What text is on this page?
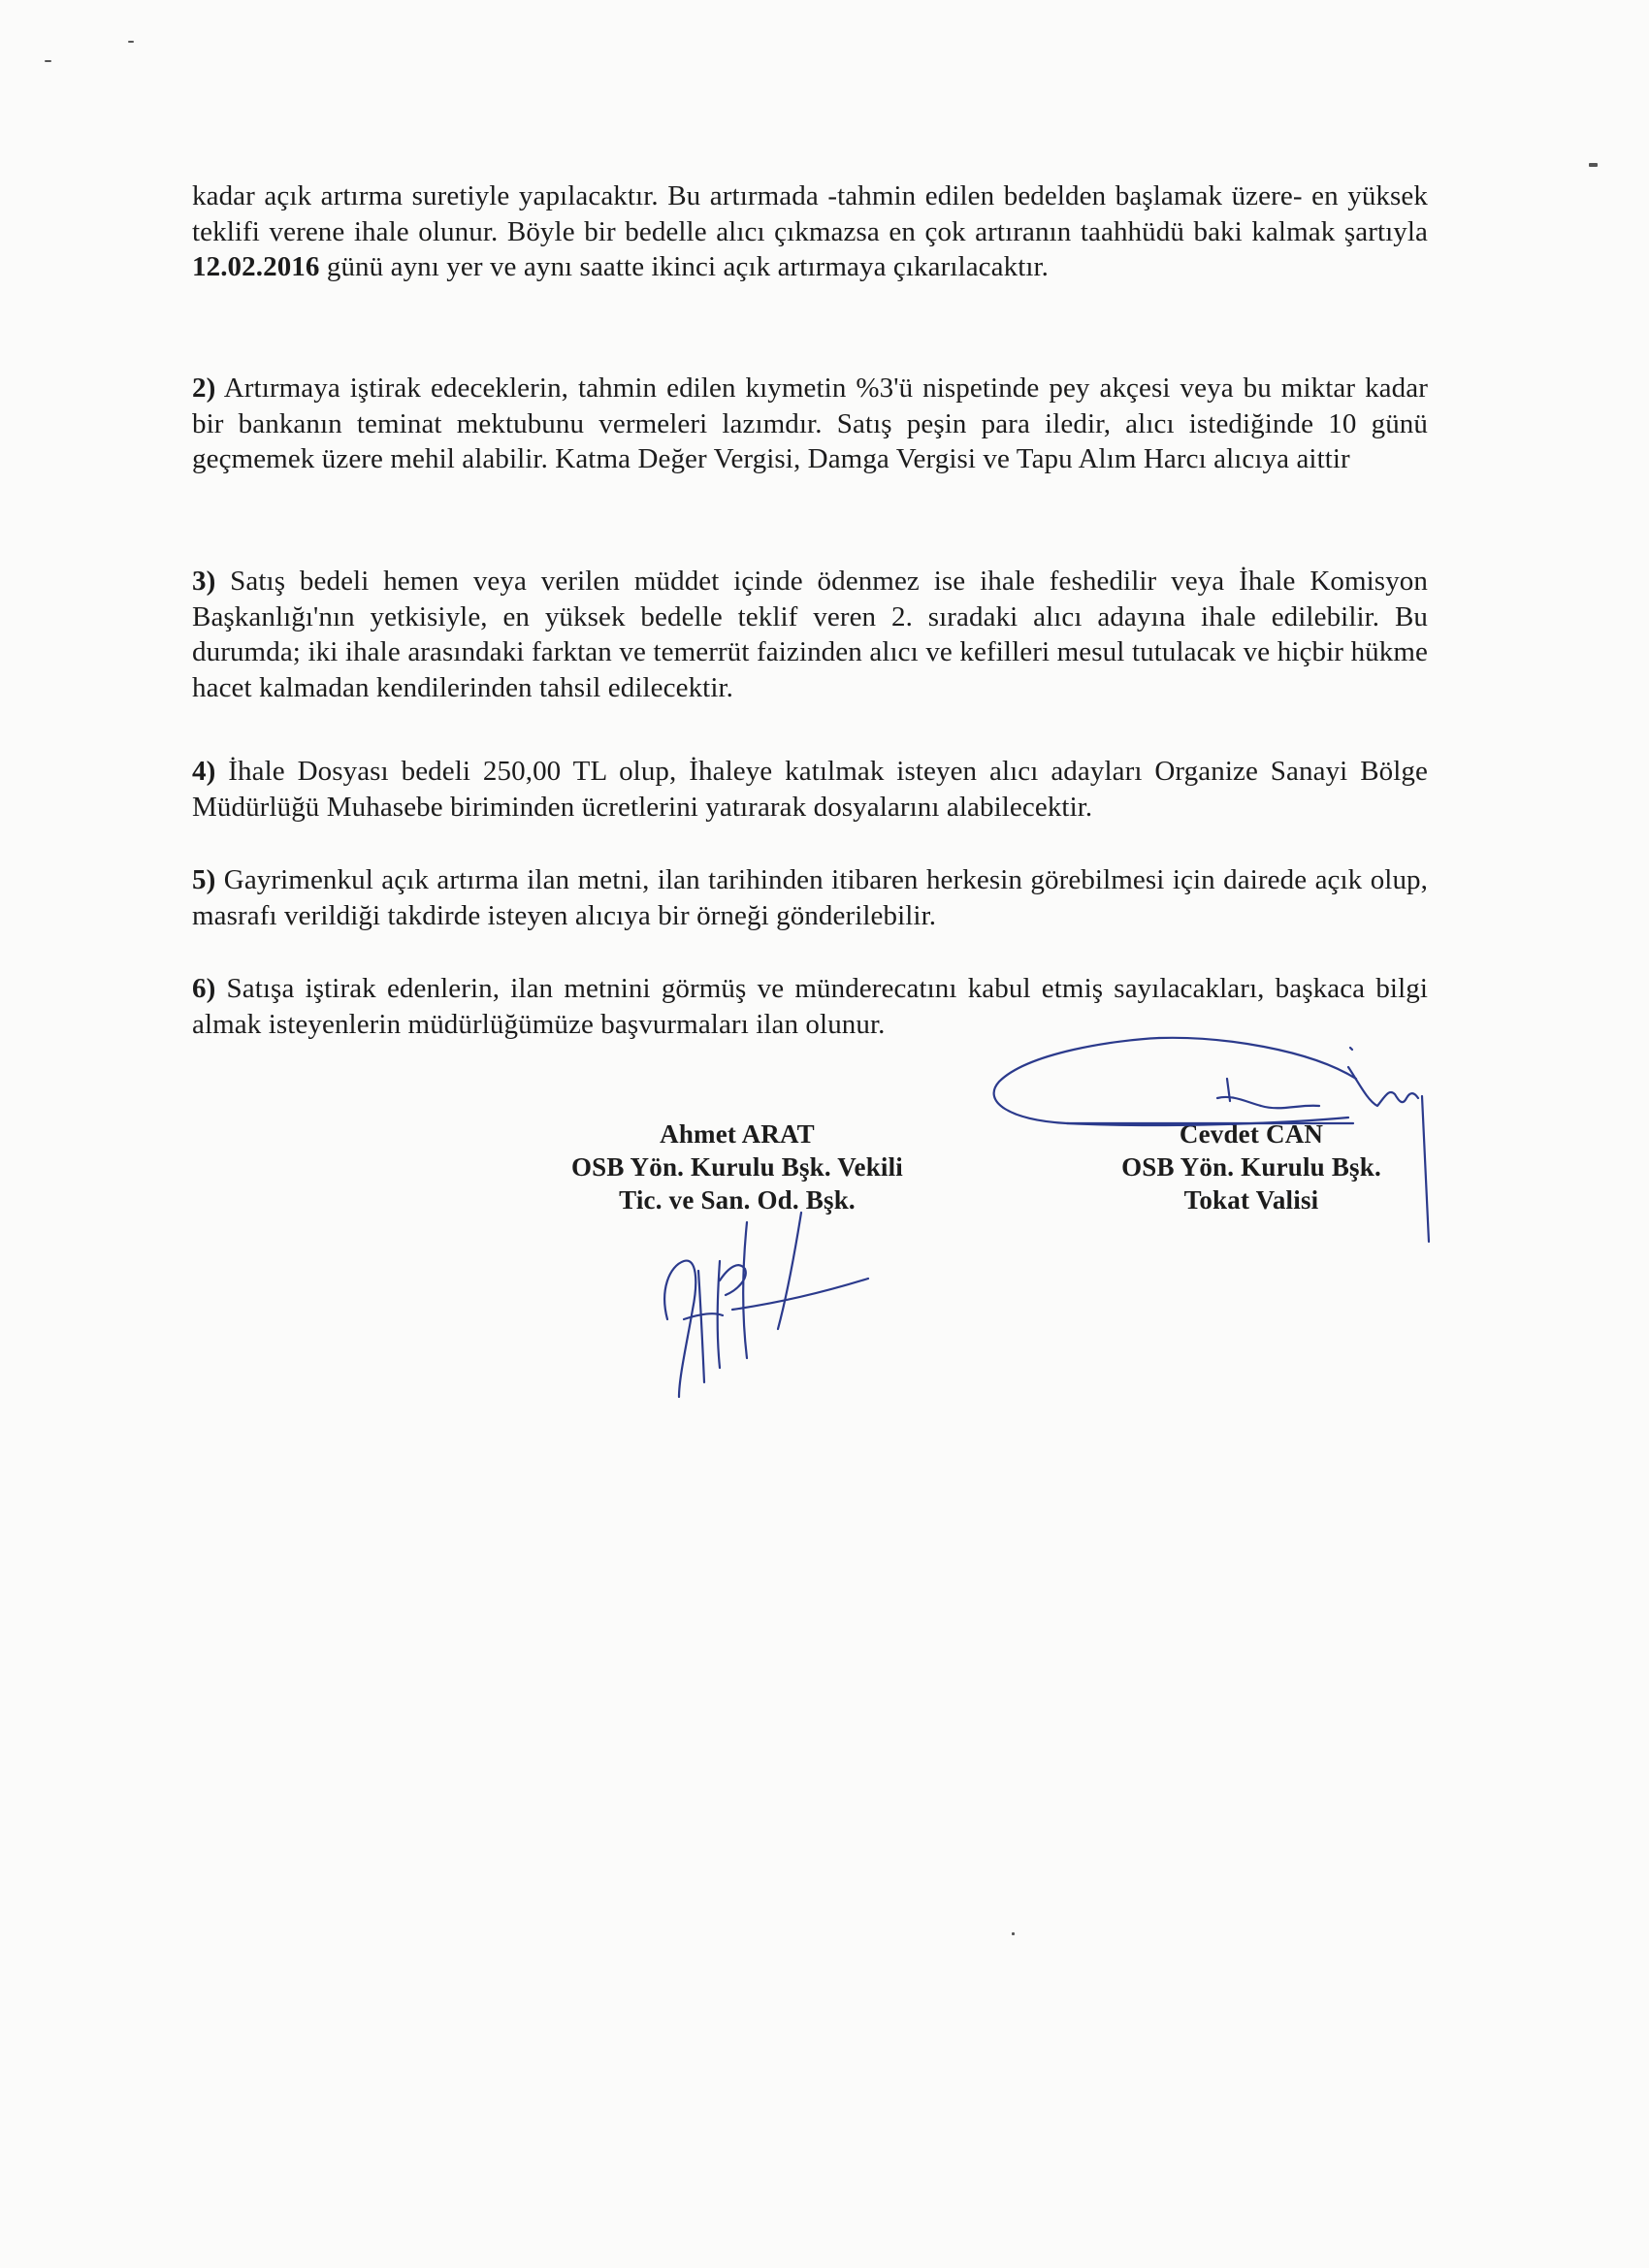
kadar açık artırma suretiyle yapılacaktır. Bu artırmada -tahmin edilen bedelden başlamak üzere- en yüksek teklifi verene ihale olunur. Böyle bir bedelle alıcı çıkmazsa en çok artıranın taahhüdü baki kalmak şartıyla 12.02.2016 günü aynı yer ve aynı saatte ikinci açık artırmaya çıkarılacaktır.
2) Artırmaya iştirak edeceklerin, tahmin edilen kıymetin %3'ü nispetinde pey akçesi veya bu miktar kadar bir bankanın teminat mektubunu vermeleri lazımdır. Satış peşin para iledir, alıcı istediğinde 10 günü geçmemek üzere mehil alabilir. Katma Değer Vergisi, Damga Vergisi ve Tapu Alım Harcı alıcıya aittir
3) Satış bedeli hemen veya verilen müddet içinde ödenmez ise ihale feshedilir veya İhale Komisyon Başkanlığı'nın yetkisiyle, en yüksek bedelle teklif veren 2. sıradaki alıcı adayına ihale edilebilir. Bu durumda; iki ihale arasındaki farktan ve temerrüt faizinden alıcı ve kefilleri mesul tutulacak ve hiçbir hükme hacet kalmadan kendilerinden tahsil edilecektir.
4) İhale Dosyası bedeli 250,00 TL olup, İhaleye katılmak isteyen alıcı adayları Organize Sanayi Bölge Müdürlüğü Muhasebe biriminden ücretlerini yatırarak dosyalarını alabilecektir.
5) Gayrimenkul açık artırma ilan metni, ilan tarihinden itibaren herkesin görebilmesi için dairede açık olup, masrafı verildiği takdirde isteyen alıcıya bir örneği gönderilebilir.
6) Satışa iştirak edenlerin, ilan metnini görmüş ve münderecatını kabul etmiş sayılacakları, başkaca bilgi almak isteyenlerin müdürlüğümüze başvurmaları ilan olunur.
Ahmet ARAT
OSB Yön. Kurulu Bşk. Vekili
Tic. ve San. Od. Bşk.
Cevdet CAN
OSB Yön. Kurulu Bşk.
Tokat Valisi
